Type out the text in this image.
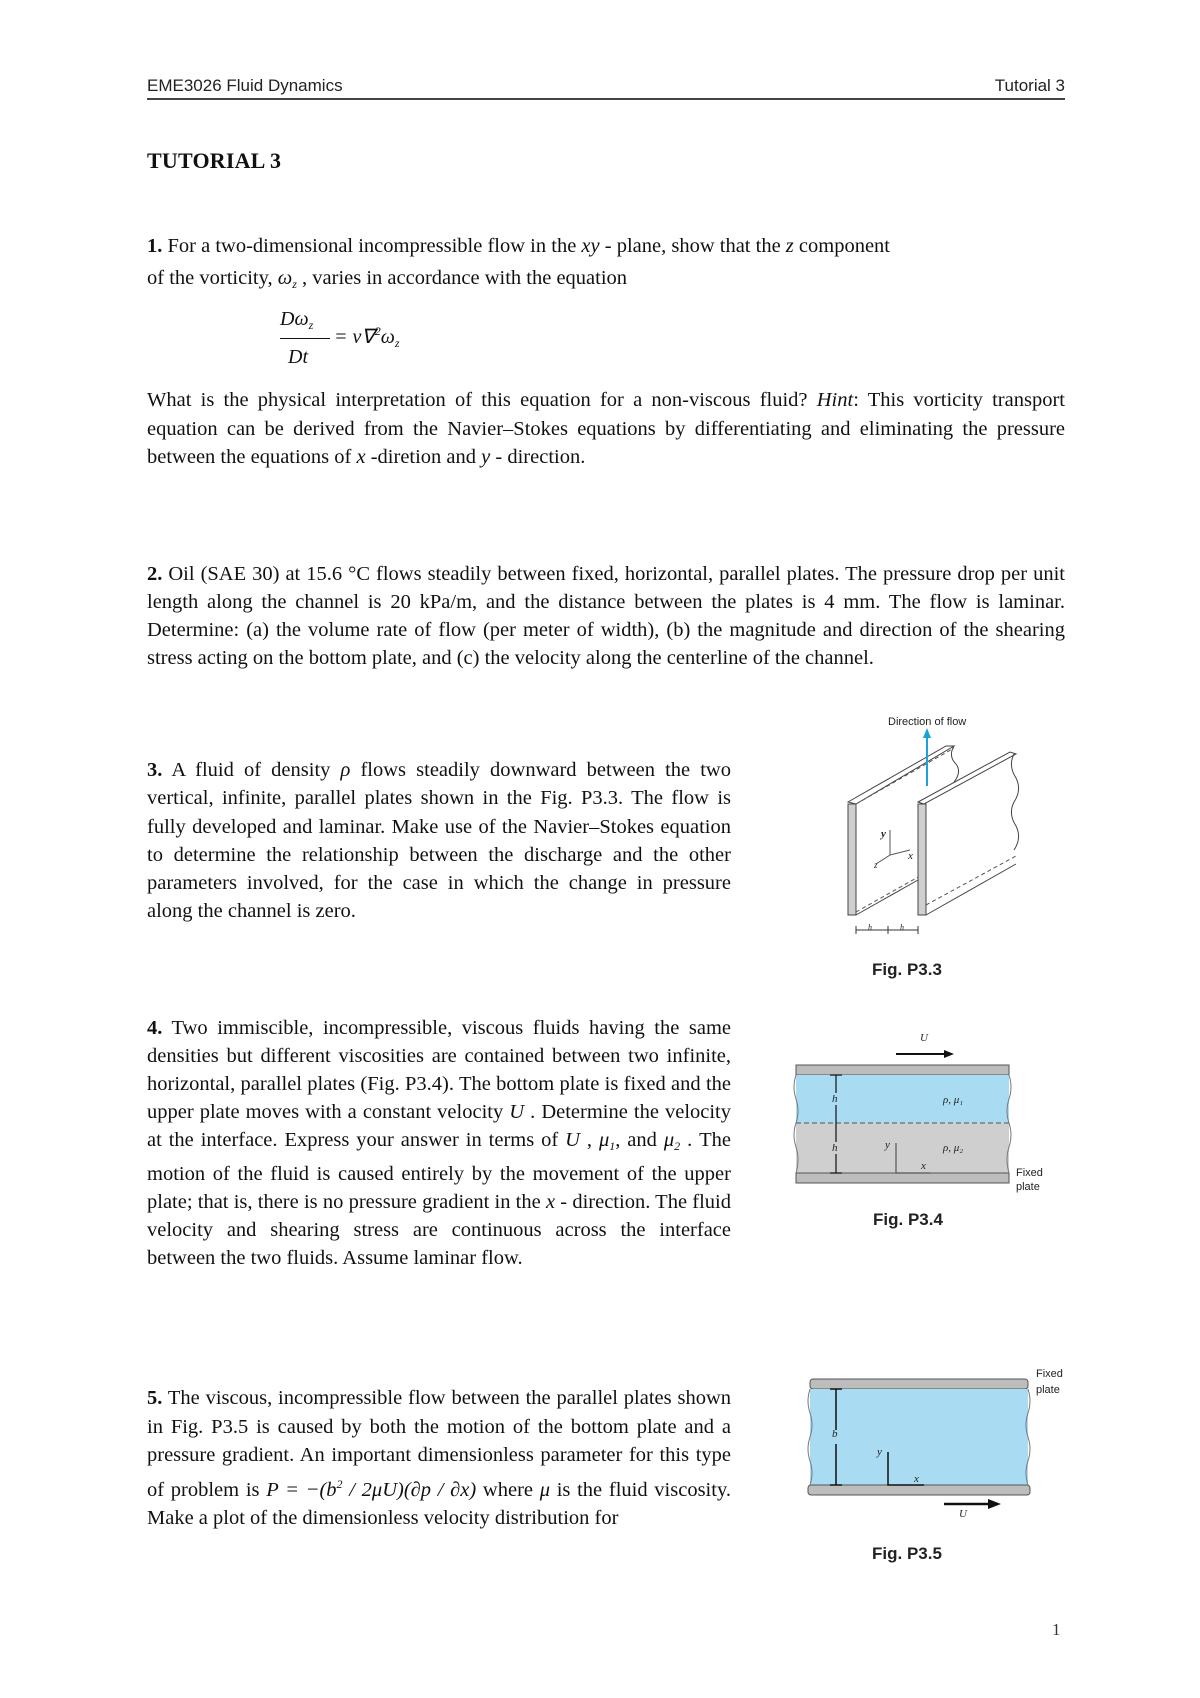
EME3026 Fluid Dynamics	Tutorial 3
TUTORIAL 3
1. For a two-dimensional incompressible flow in the xy - plane, show that the z component
of the vorticity, $\omega_z$ , varies in accordance with the equation
$D\omega_z$
Dt
= $\nu\nabla^2\omega_z$
What is the physical interpretation of this equation for a non-viscous fluid? Hint: This vorticity transport equation can be derived from the Navier–Stokes equations by differentiating and eliminating the pressure between the equations of x -diretion and y - direction.
2. Oil (SAE 30) at 15.6 °C flows steadily between fixed, horizontal, parallel plates. The pressure drop per unit length along the channel is 20 kPa/m, and the distance between the plates is 4 mm. The flow is laminar. Determine: (a) the volume rate of flow (per meter of width), (b) the magnitude and direction of the shearing stress acting on the bottom plate, and (c) the velocity along the centerline of the channel.
3. A fluid of density ρ flows steadily downward between the two vertical, infinite, parallel plates shown in the Fig. P3.3. The flow is fully developed and laminar. Make use of the Navier–Stokes equation to determine the relationship between the discharge and the other parameters involved, for the case in which the change in pressure along the channel is zero.
Direction of flow
y
x
z
h	h
Fig. P3.3
4. Two immiscible, incompressible, viscous fluids having the same densities but different viscosities are contained between two infinite, horizontal, parallel plates (Fig. P3.4). The bottom plate is fixed and the upper plate moves with a constant velocity U . Determine the velocity at the interface. Express your answer in terms of U , $\mu_1$, and $\mu_2$ . The motion of the fluid is caused entirely by the movement of the upper plate; that is, there is no pressure gradient in the x - direction. The fluid velocity and shearing stress are continuous across the interface between the two fluids. Assume laminar flow.
U
h
h
ρ, μ₁
ρ, μ₂
y
x
Fixed
plate
Fig. P3.4
5. The viscous, incompressible flow between the parallel plates shown in Fig. P3.5 is caused by both the motion of the bottom plate and a pressure gradient. An important dimensionless parameter for this type of problem is $P = -(b^2 / 2\mu U)(\partial p / \partial x)$ where μ is the fluid viscosity. Make a plot of the dimensionless velocity distribution for
b
y
x
U
Fixed
plate
Fig. P3.5
1
